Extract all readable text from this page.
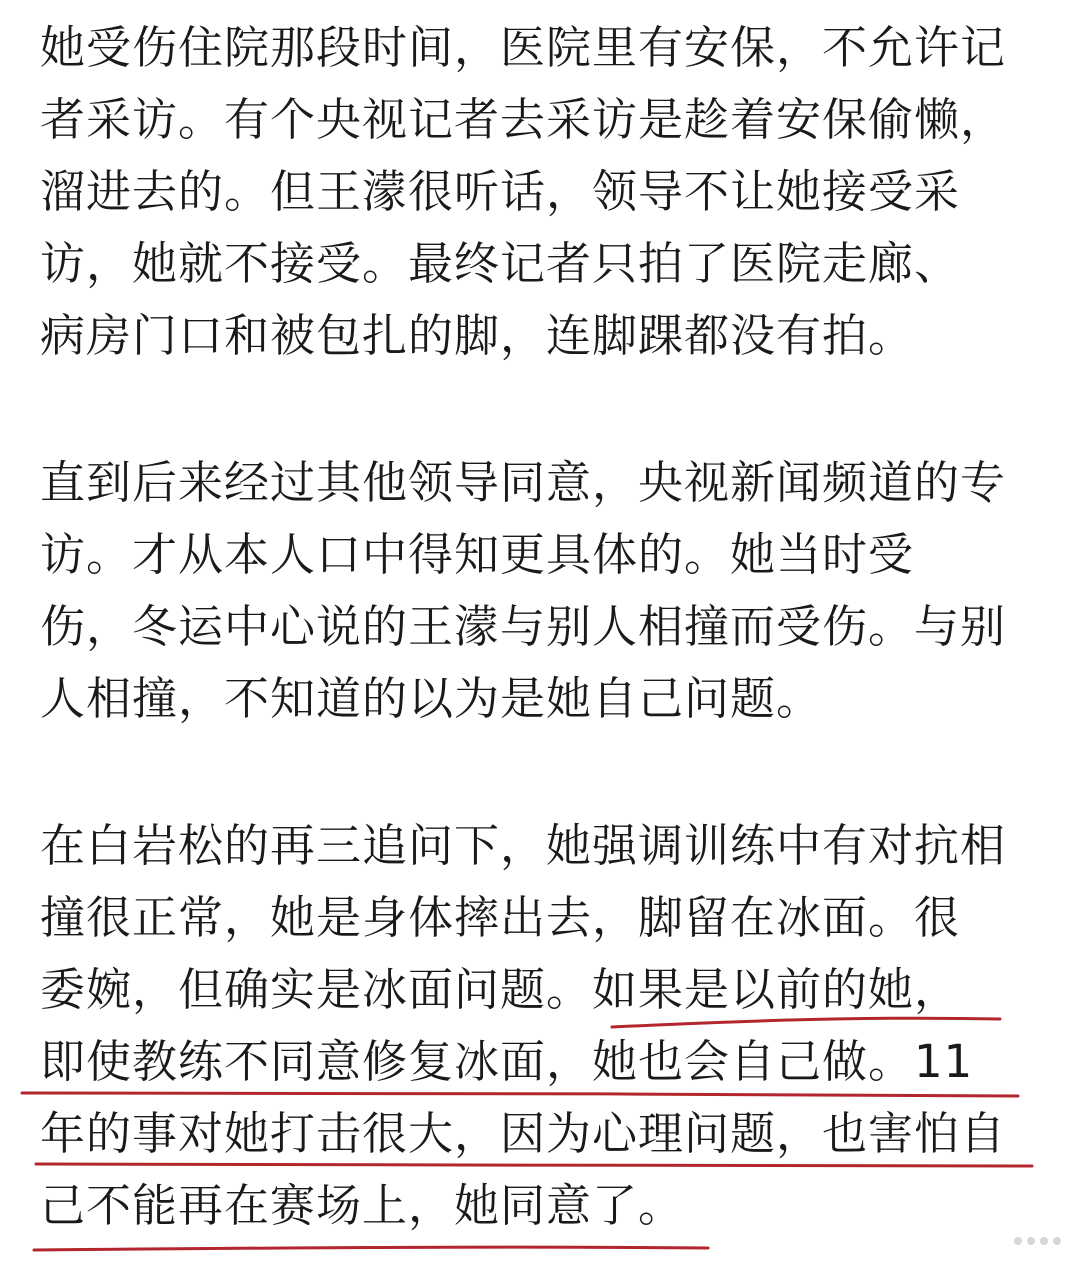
她受伤住院那段时间，医院里有安保，不允许记
者采访。有个央视记者去采访是趁着安保偷懒，
溜进去的。但王濛很听话，领导不让她接受采
访，她就不接受。最终记者只拍了医院走廊、
病房门口和被包扎的脚，连脚踝都没有拍。
直到后来经过其他领导同意，央视新闻频道的专
访。才从本人口中得知更具体的。她当时受
伤，冬运中心说的王濛与别人相撞而受伤。与别
人相撞，不知道的以为是她自己问题。
在白岩松的再三追问下，她强调训练中有对抗相
撞很正常，她是身体摔出去，脚留在冰面。很
委婉，但确实是冰面问题。如果是以前的她，
即使教练不同意修复冰面，她也会自己做。11
年的事对她打击很大，因为心理问题，也害怕自
己不能再在赛场上，她同意了。
